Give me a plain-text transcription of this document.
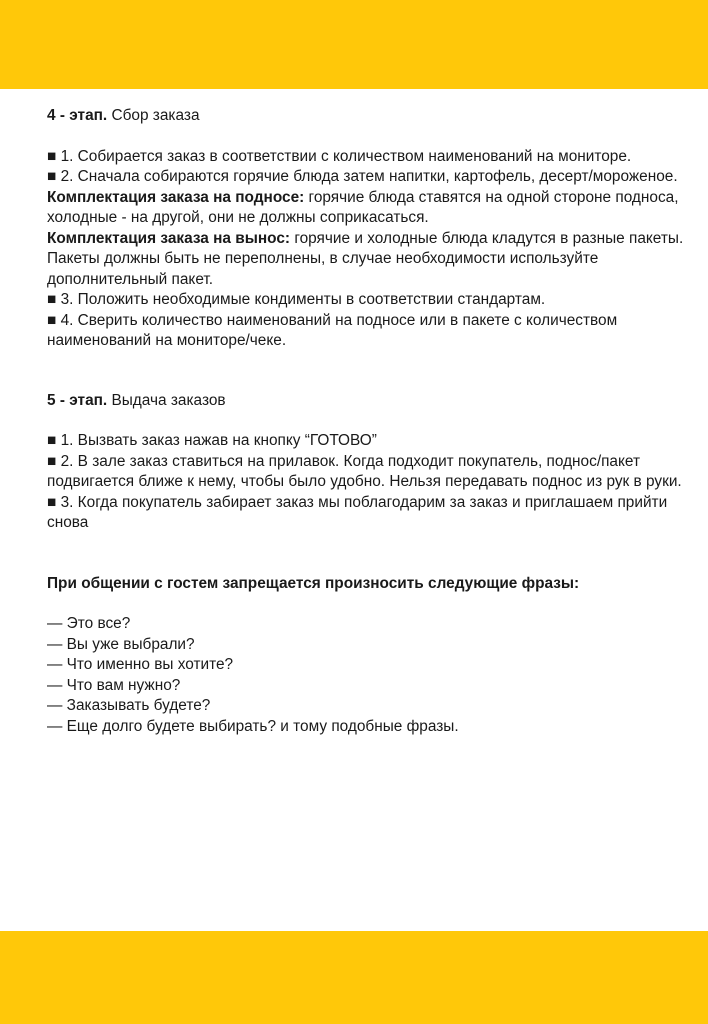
4 - этап. Сбор заказа

■ 1. Собирается заказ в соответствии с количеством наименований на мониторе.

■ 2. Сначала собираются горячие блюда затем напитки, картофель, десерт/мороженое.

Комплектация заказа на подносе: горячие блюда ставятся на одной стороне подноса, холодные - на другой, они не должны соприкасаться.

Комплектация заказа на вынос: горячие и холодные блюда кладутся в разные пакеты. Пакеты должны быть не переполнены, в случае необходимости используйте дополнительный пакет.

■ 3. Положить необходимые кондименты в соответствии стандартам.

■ 4. Сверить количество наименований на подносе или в пакете с количеством наименований на мониторе/чеке.

5 - этап. Выдача заказов

■ 1. Вызвать заказ нажав на кнопку “ГОТОВО”

■ 2. В зале заказ ставиться на прилавок. Когда подходит покупатель, поднос/пакет подвигается ближе к нему, чтобы было удобно. Нельзя передавать поднос из рук в руки.

■ 3. Когда покупатель забирает заказ мы поблагодарим за заказ и приглашаем прийти снова

При общении с гостем запрещается произносить следующие фразы:

— Это все?

— Вы уже выбрали?

— Что именно вы хотите?

— Что вам нужно?

— Заказывать будете?

— Еще долго будете выбирать? и тому подобные фразы.
